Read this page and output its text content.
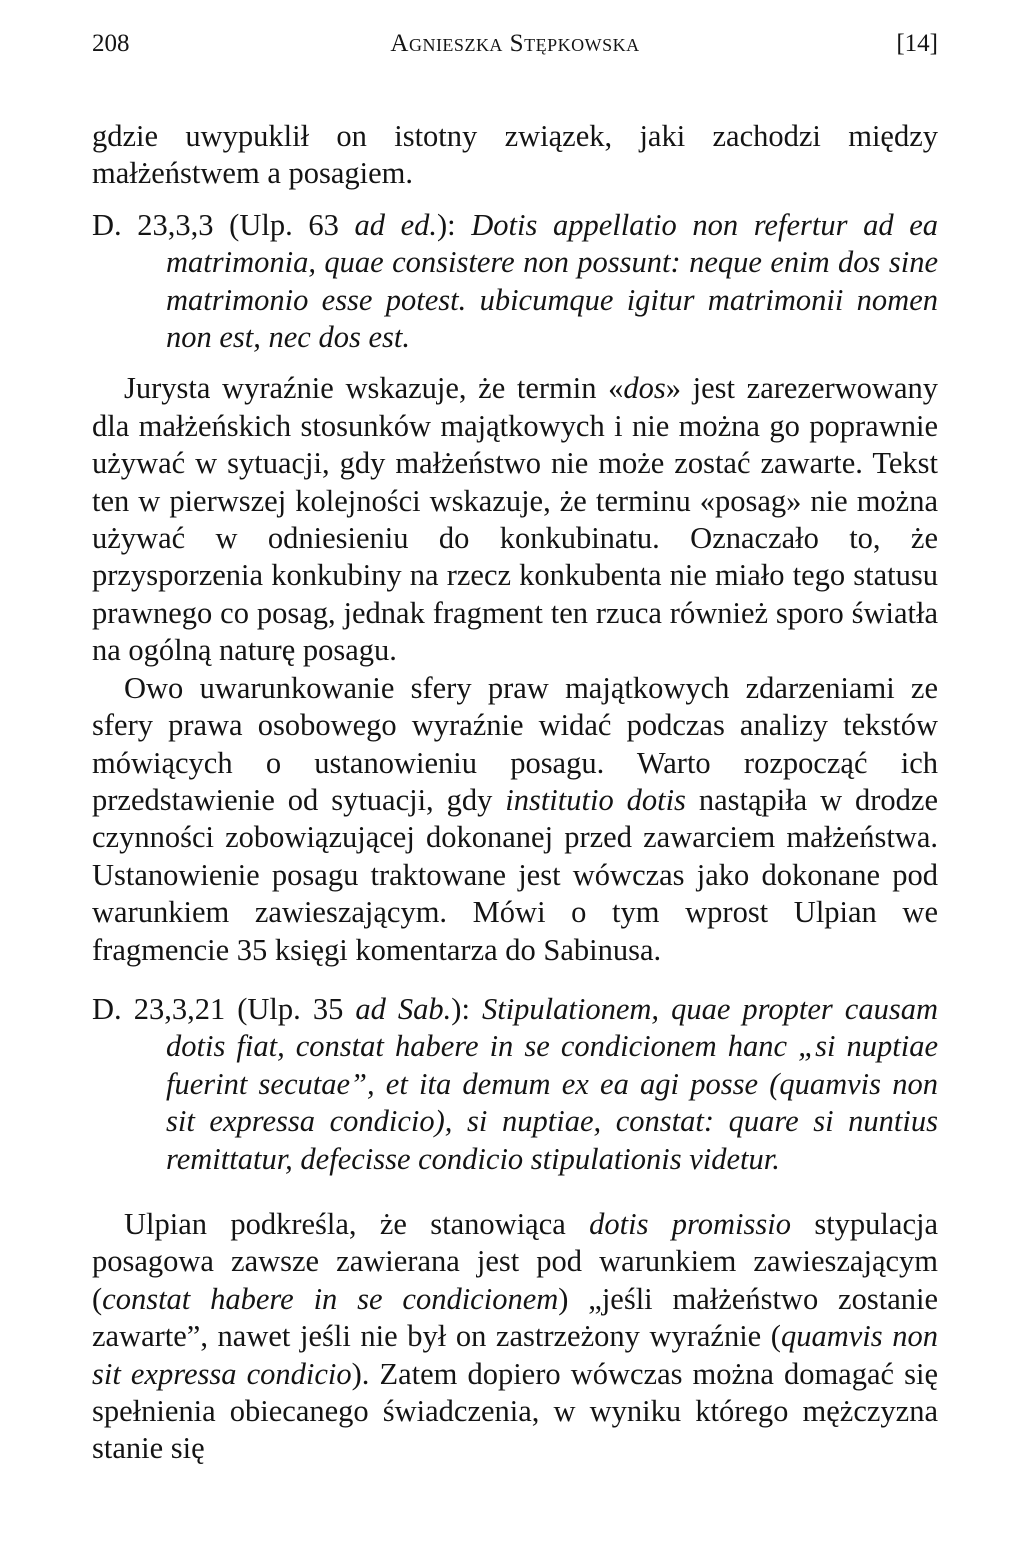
208	Agnieszka Stępkowska	[14]

gdzie uwypuklił on istotny związek, jaki zachodzi między małżeństwem a posagiem.

D. 23,3,3 (Ulp. 63 ad ed.): Dotis appellatio non refertur ad ea matrimonia, quae consistere non possunt: neque enim dos sine matrimonio esse potest. ubicumque igitur matrimonii nomen non est, nec dos est.

Jurysta wyraźnie wskazuje, że termin «dos» jest zarezerwowany dla małżeńskich stosunków majątkowych i nie można go poprawnie używać w sytuacji, gdy małżeństwo nie może zostać zawarte. Tekst ten w pierwszej kolejności wskazuje, że terminu «posag» nie można używać w odniesieniu do konkubinatu. Oznaczało to, że przysporzenia konkubiny na rzecz konkubenta nie miało tego statusu prawnego co posag, jednak fragment ten rzuca również sporo światła na ogólną naturę posagu.

Owo uwarunkowanie sfery praw majątkowych zdarzeniami ze sfery prawa osobowego wyraźnie widać podczas analizy tekstów mówiących o ustanowieniu posagu. Warto rozpocząć ich przedstawienie od sytuacji, gdy institutio dotis nastąpiła w drodze czynności zobowiązującej dokonanej przed zawarciem małżeństwa. Ustanowienie posagu traktowane jest wówczas jako dokonane pod warunkiem zawieszającym. Mówi o tym wprost Ulpian we fragmencie 35 księgi komentarza do Sabinusa.

D. 23,3,21 (Ulp. 35 ad Sab.): Stipulationem, quae propter causam dotis fiat, constat habere in se condicionem hanc „si nuptiae fuerint secutae”, et ita demum ex ea agi posse (quamvis non sit expressa condicio), si nuptiae, constat: quare si nuntius remittatur, defecisse condicio stipulationis videtur.

Ulpian podkreśla, że stanowiąca dotis promissio stypulacja posagowa zawsze zawierana jest pod warunkiem zawieszającym (constat habere in se condicionem) „jeśli małżeństwo zostanie zawarte”, nawet jeśli nie był on zastrzeżony wyraźnie (quamvis non sit expressa condicio). Zatem dopiero wówczas można domagać się spełnienia obiecanego świadczenia, w wyniku którego mężczyzna stanie się
